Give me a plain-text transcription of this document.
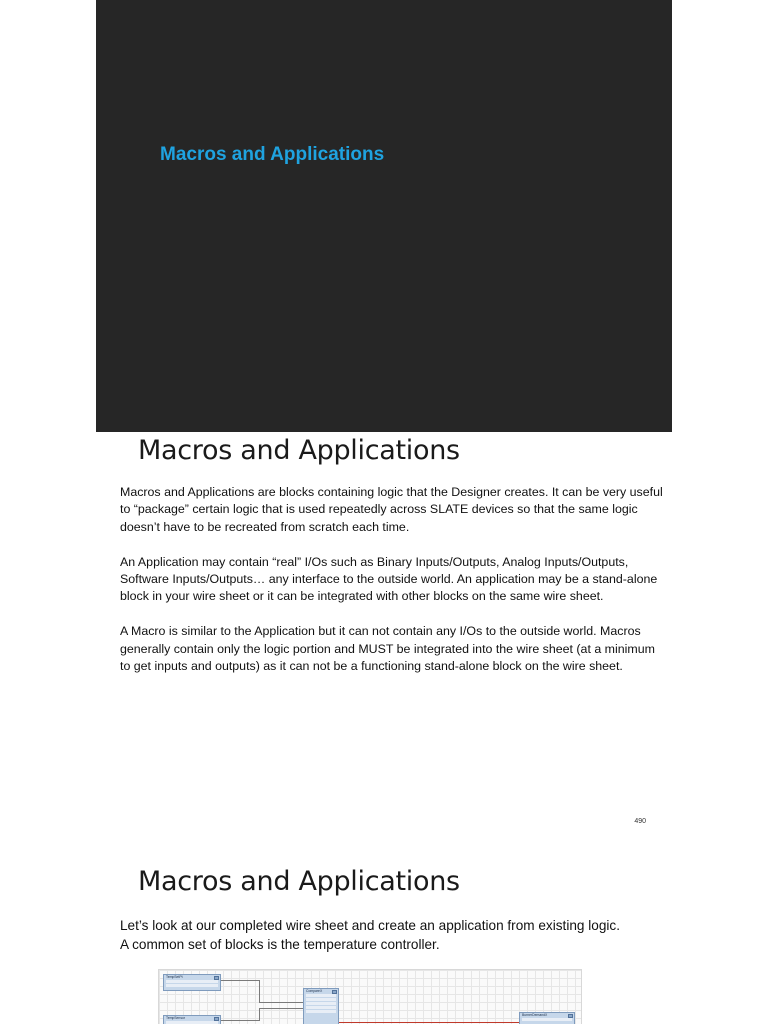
Macros and Applications
Macros and Applications

Macros and Applications are blocks containing logic that the Designer creates. It can be very useful to “package” certain logic that is used repeatedly across SLATE devices so that the same logic doesn’t have to be recreated from scratch each time.

An Application may contain “real” I/Os such as Binary Inputs/Outputs, Analog Inputs/Outputs, Software Inputs/Outputs… any interface to the outside world. An application may be a stand-alone block in your wire sheet or it can be integrated with other blocks on the same wire sheet.

A Macro is similar to the Application but it can not contain any I/Os to the outside world. Macros generally contain only the logic portion and MUST be integrated into the wire sheet (at a minimum to get inputs and outputs) as it can not be a functioning stand-alone block on the wire sheet.

490
Macros and Applications

Let’s look at our completed wire sheet and create an application from existing logic.

A common set of blocks is the temperature controller.

TempSetPt
TempSensor
CompareX
BurnerDemandX
